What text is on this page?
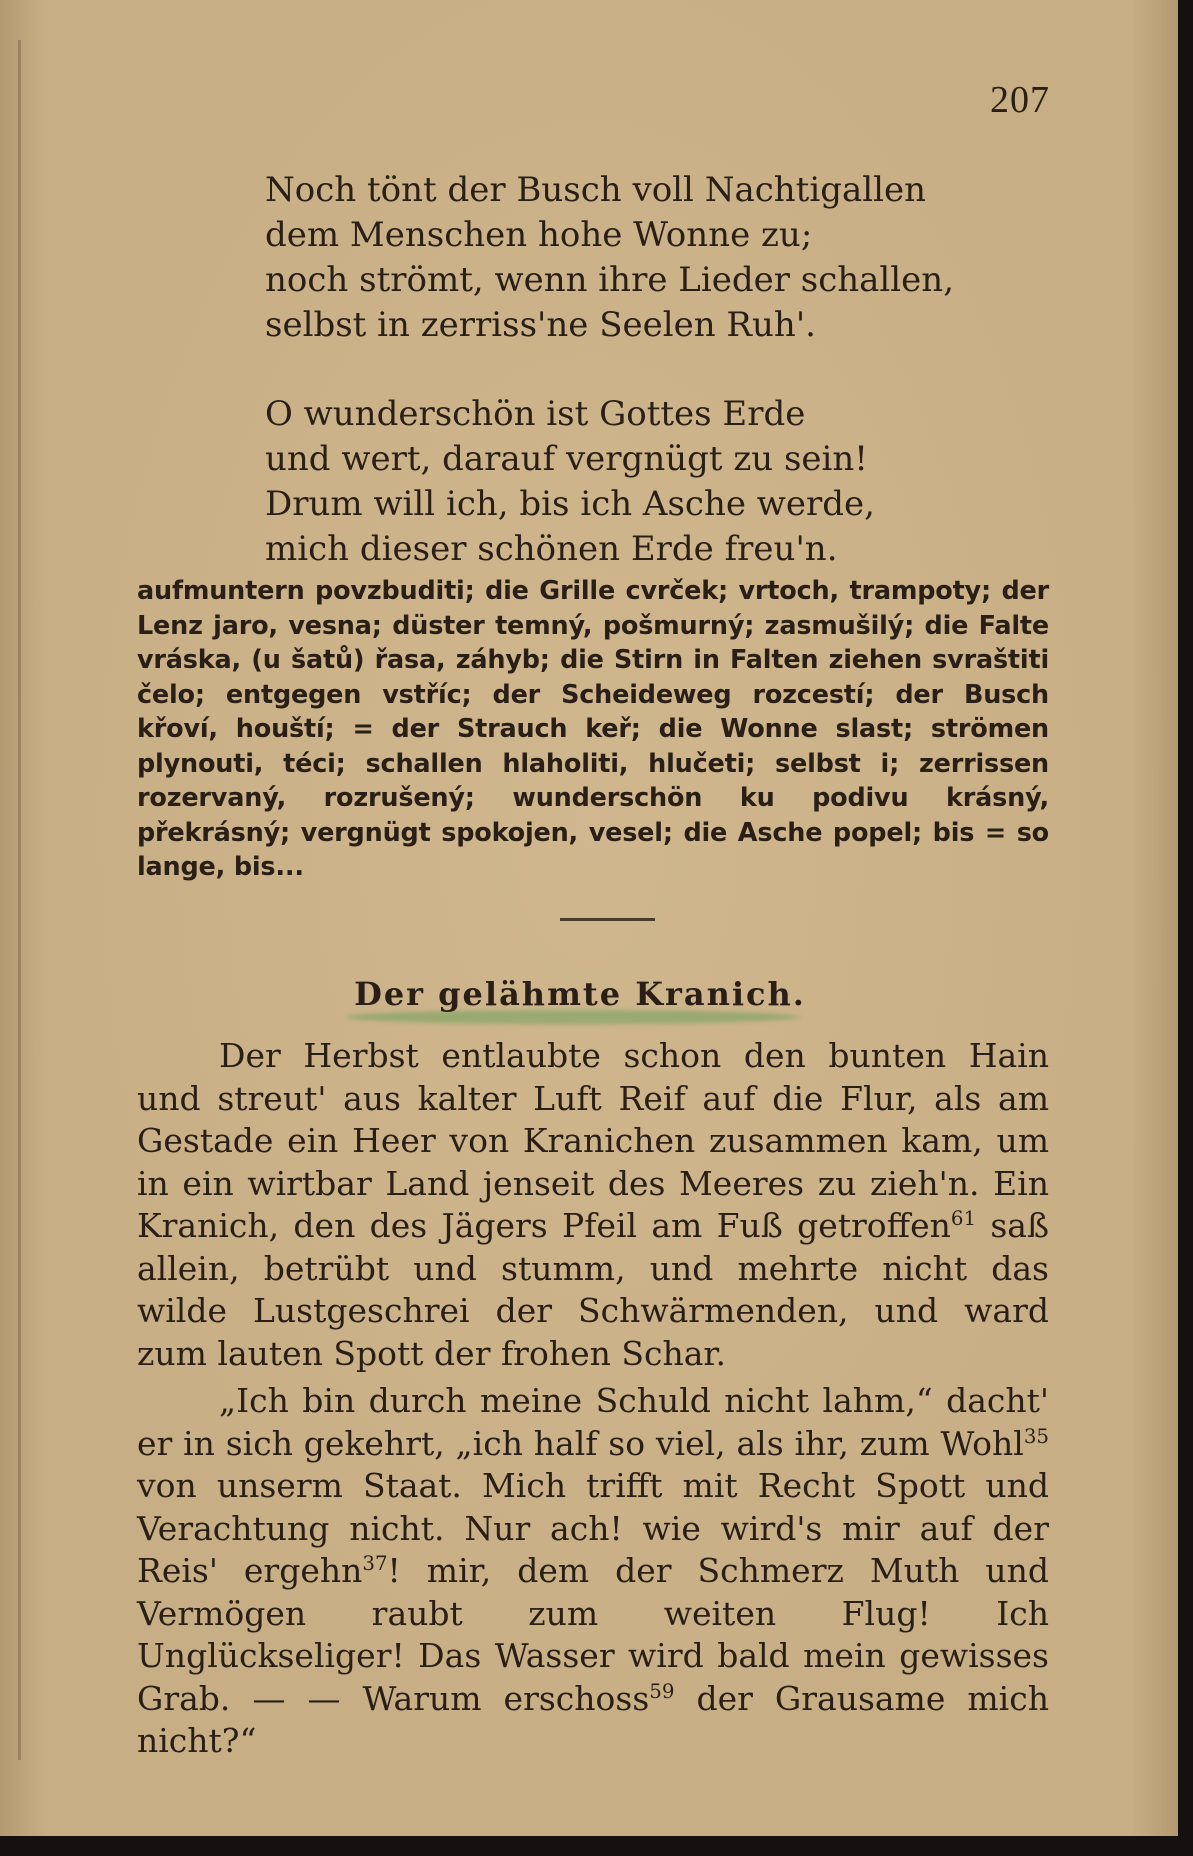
207
Noch tönt der Busch voll Nachtigallen
dem Menschen hohe Wonne zu;
noch strömt, wenn ihre Lieder schallen,
selbst in zerriss'ne Seelen Ruh'.
O wunderschön ist Gottes Erde
und wert, darauf vergnügt zu sein!
Drum will ich, bis ich Asche werde,
mich dieser schönen Erde freu'n.
aufmuntern povzbuditi; die Grille cvrček; vrtoch, trampoty; der Lenz jaro, vesna; düster temný, pošmurný; zasmušilý; die Falte vráska, (u šatů) řasa, záhyb; die Stirn in Falten ziehen svraštiti čelo; entgegen vstříc; der Scheideweg rozcestí; der Busch křoví, houští; = der Strauch keř; die Wonne slast; strömen plynouti, téci; schallen hlaholiti, hlučeti; selbst i; zerrissen rozervaný, rozrušený; wunderschön ku podivu krásný, překrásný; vergnügt spokojen, vesel; die Asche popel; bis = so lange, bis...
Der gelähmte Kranich.
Der Herbst entlaubte schon den bunten Hain und streut' aus kalter Luft Reif auf die Flur, als am Gestade ein Heer von Kranichen zusammen kam, um in ein wirtbar Land jenseit des Meeres zu zieh'n. Ein Kranich, den des Jägers Pfeil am Fuß getroffen$^{61}$ saß allein, betrübt und stumm, und mehrte nicht das wilde Lustgeschrei der Schwärmenden, und ward zum lauten Spott der frohen Schar.
„Ich bin durch meine Schuld nicht lahm,“ dacht' er in sich gekehrt, „ich half so viel, als ihr, zum Wohl$^{35}$ von unserm Staat. Mich trifft mit Recht Spott und Verachtung nicht. Nur ach! wie wird's mir auf der Reis' ergehn$^{37}$! mir, dem der Schmerz Muth und Vermögen raubt zum weiten Flug! Ich Unglückseliger! Das Wasser wird bald mein gewisses Grab. — — Warum erschoss$^{59}$ der Grausame mich nicht?“
